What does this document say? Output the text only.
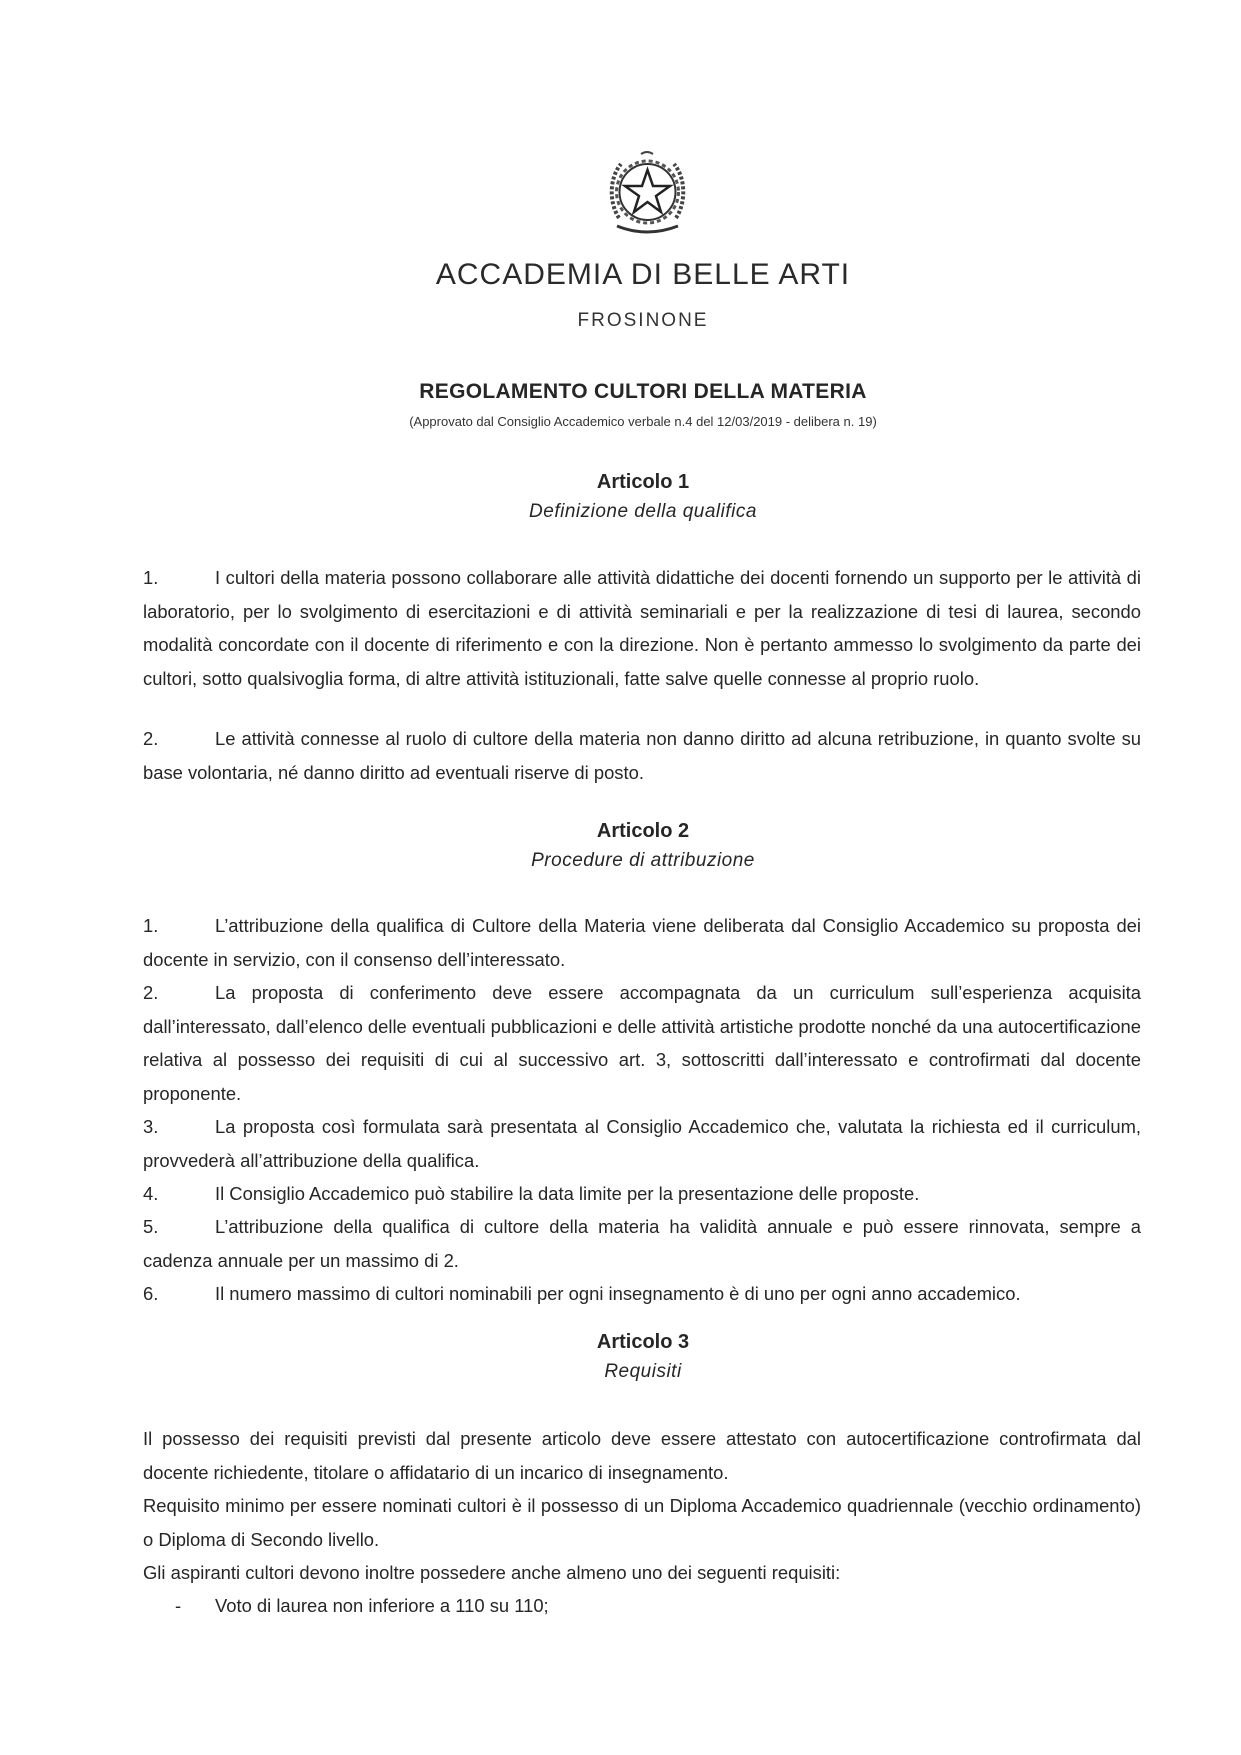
ACCADEMIA DI BELLE ARTI
FROSINONE
REGOLAMENTO CULTORI DELLA MATERIA
(Approvato dal Consiglio Accademico verbale n.4 del 12/03/2019 - delibera n. 19)
Articolo 1
Definizione della qualifica
1.	I cultori della materia possono collaborare alle attività didattiche dei docenti fornendo un supporto per le attività di laboratorio, per lo svolgimento di esercitazioni e di attività seminariali e per la realizzazione di tesi di laurea, secondo modalità concordate con il docente di riferimento e con la direzione. Non è pertanto ammesso lo svolgimento da parte dei cultori, sotto qualsivoglia forma, di altre attività istituzionali, fatte salve quelle connesse al proprio ruolo.
2.	Le attività connesse al ruolo di cultore della materia non danno diritto ad alcuna retribuzione, in quanto svolte su base volontaria, né danno diritto ad eventuali riserve di posto.
Articolo 2
Procedure di attribuzione
1.	L’attribuzione della qualifica di Cultore della Materia viene deliberata dal Consiglio Accademico su proposta dei docente in servizio, con il consenso dell’interessato.
2.	La proposta di conferimento deve essere accompagnata da un curriculum sull’esperienza acquisita dall’interessato, dall’elenco delle eventuali pubblicazioni e delle attività artistiche prodotte nonché da una autocertificazione relativa al possesso dei requisiti di cui al successivo art. 3, sottoscritti dall’interessato e controfirmati dal docente proponente.
3.	La proposta così formulata sarà presentata al Consiglio Accademico che, valutata la richiesta ed il curriculum, provvederà all’attribuzione della qualifica.
4.	Il Consiglio Accademico può stabilire la data limite per la presentazione delle proposte.
5.	L’attribuzione della qualifica di cultore della materia ha validità annuale e può essere rinnovata, sempre a cadenza annuale per un massimo di 2.
6.	Il numero massimo di cultori nominabili per ogni insegnamento è di uno per ogni anno accademico.
Articolo 3
Requisiti
Il possesso dei requisiti previsti dal presente articolo deve essere attestato con autocertificazione controfirmata dal docente richiedente, titolare o affidatario di un incarico di insegnamento.
Requisito minimo per essere nominati cultori è il possesso di un Diploma Accademico quadriennale (vecchio ordinamento) o Diploma di Secondo livello.
Gli aspiranti cultori devono inoltre possedere anche almeno uno dei seguenti requisiti:
- Voto di laurea non inferiore a 110 su 110;
